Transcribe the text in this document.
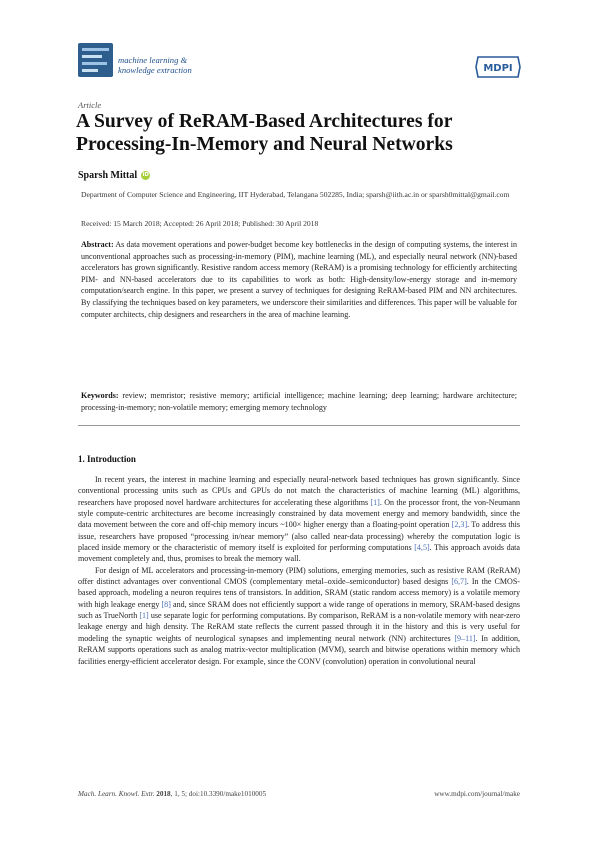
machine learning &
knowledge extraction	MDPI
Article
A Survey of ReRAM-Based Architectures for Processing-In-Memory and Neural Networks
Sparsh Mittal iD
Department of Computer Science and Engineering, IIT Hyderabad, Telangana 502285, India; sparsh@iith.ac.in or sparsh0mittal@gmail.com
Received: 15 March 2018; Accepted: 26 April 2018; Published: 30 April 2018
Abstract: As data movement operations and power-budget become key bottlenecks in the design of computing systems, the interest in unconventional approaches such as processing-in-memory (PIM), machine learning (ML), and especially neural network (NN)-based accelerators has grown significantly. Resistive random access memory (ReRAM) is a promising technology for efficiently architecting PIM- and NN-based accelerators due to its capabilities to work as both: High-density/low-energy storage and in-memory computation/search engine. In this paper, we present a survey of techniques for designing ReRAM-based PIM and NN architectures. By classifying the techniques based on key parameters, we underscore their similarities and differences. This paper will be valuable for computer architects, chip designers and researchers in the area of machine learning.
Keywords: review; memristor; resistive memory; artificial intelligence; machine learning; deep learning; hardware architecture; processing-in-memory; non-volatile memory; emerging memory technology
1. Introduction

In recent years, the interest in machine learning and especially neural-network based techniques has grown significantly. Since conventional processing units such as CPUs and GPUs do not match the characteristics of machine learning (ML) algorithms, researchers have proposed novel hardware architectures for accelerating these algorithms [1]. On the processor front, the von-Neumann style compute-centric architectures are become increasingly constrained by data movement energy and memory bandwidth, since the data movement between the core and off-chip memory incurs ~100× higher energy than a floating-point operation [2,3]. To address this issue, researchers have proposed “processing in/near memory” (also called near-data processing) whereby the computation logic is placed inside memory or the characteristic of memory itself is exploited for performing computations [4,5]. This approach avoids data movement completely and, thus, promises to break the memory wall.

For design of ML accelerators and processing-in-memory (PIM) solutions, emerging memories, such as resistive RAM (ReRAM) offer distinct advantages over conventional CMOS (complementary metal–oxide–semiconductor) based designs [6,7]. In the CMOS-based approach, modeling a neuron requires tens of transistors. In addition, SRAM (static random access memory) is a volatile memory with high leakage energy [8] and, since SRAM does not efficiently support a wide range of operations in memory, SRAM-based designs such as TrueNorth [1] use separate logic for performing computations. By comparison, ReRAM is a non-volatile memory with near-zero leakage energy and high density. The ReRAM state reflects the current passed through it in the history and this is very useful for modeling the synaptic weights of neurological synapses and implementing neural network (NN) architectures [9–11]. In addition, ReRAM supports operations such as analog matrix-vector multiplication (MVM), search and bitwise operations within memory which facilities energy-efficient accelerator design. For example, since the CONV (convolution) operation in convolutional neural

Mach. Learn. Knowl. Extr. 2018, 1, 5; doi:10.3390/make1010005	www.mdpi.com/journal/make
